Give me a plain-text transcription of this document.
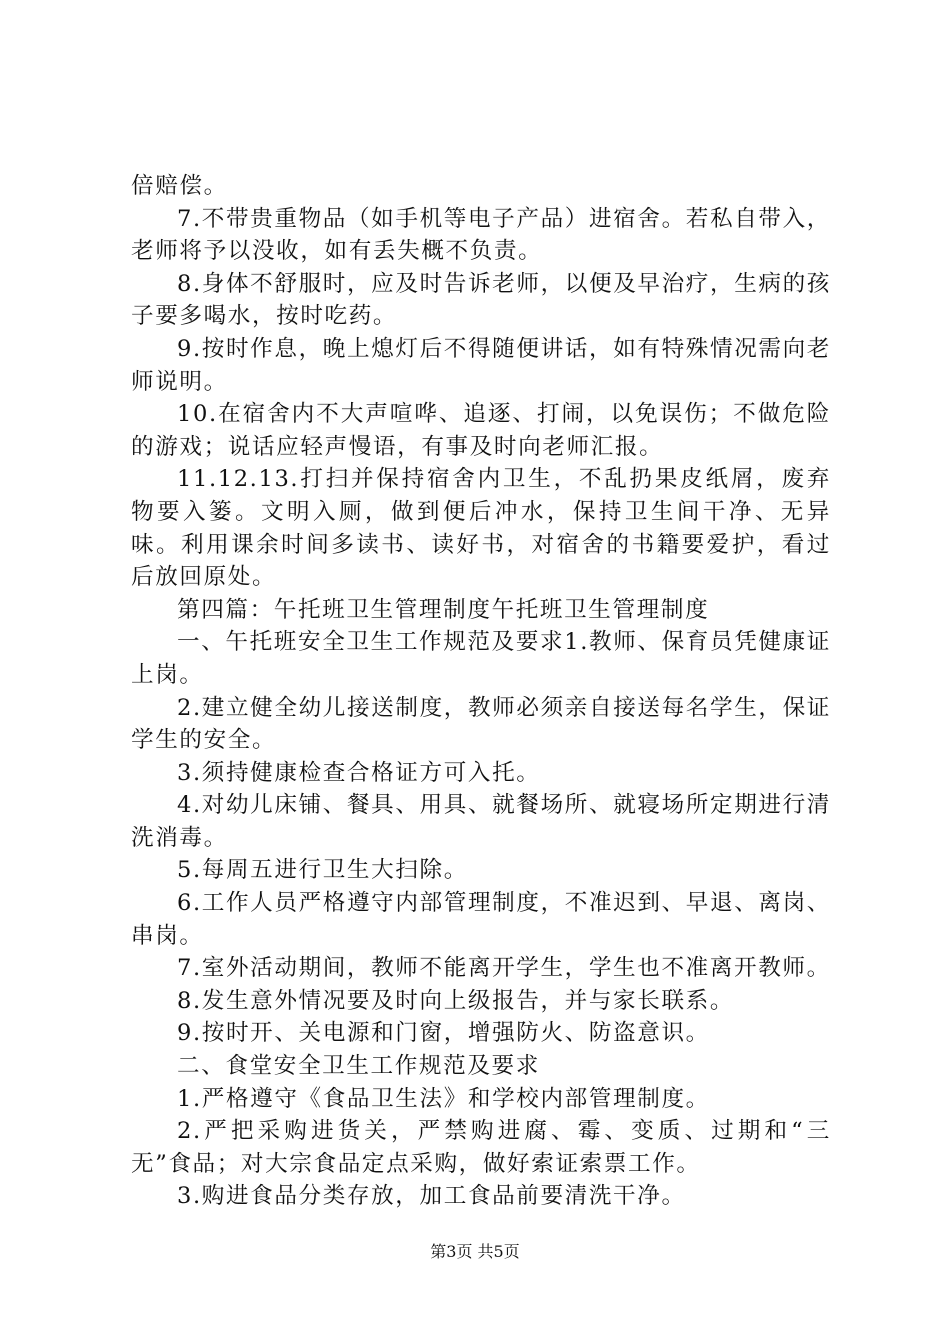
倍赔偿。

7.不带贵重物品（如手机等电子产品）进宿舍。若私自带入，老师将予以没收，如有丢失概不负责。

8.身体不舒服时，应及时告诉老师，以便及早治疗，生病的孩子要多喝水，按时吃药。

9.按时作息，晚上熄灯后不得随便讲话，如有特殊情况需向老师说明。

10.在宿舍内不大声喧哗、追逐、打闹，以免误伤；不做危险的游戏；说话应轻声慢语，有事及时向老师汇报。

11.12.13.打扫并保持宿舍内卫生，不乱扔果皮纸屑，废弃物要入篓。文明入厕，做到便后冲水，保持卫生间干净、无异味。利用课余时间多读书、读好书，对宿舍的书籍要爱护，看过后放回原处。

第四篇：午托班卫生管理制度午托班卫生管理制度

一、午托班安全卫生工作规范及要求1.教师、保育员凭健康证上岗。

2.建立健全幼儿接送制度，教师必须亲自接送每名学生，保证学生的安全。

3.须持健康检查合格证方可入托。

4.对幼儿床铺、餐具、用具、就餐场所、就寝场所定期进行清洗消毒。

5.每周五进行卫生大扫除。

6.工作人员严格遵守内部管理制度，不准迟到、早退、离岗、串岗。

7.室外活动期间，教师不能离开学生，学生也不准离开教师。

8.发生意外情况要及时向上级报告，并与家长联系。

9.按时开、关电源和门窗，增强防火、防盗意识。

二、食堂安全卫生工作规范及要求

1.严格遵守《食品卫生法》和学校内部管理制度。

2.严把采购进货关，严禁购进腐、霉、变质、过期和“三无”食品；对大宗食品定点采购，做好索证索票工作。

3.购进食品分类存放，加工食品前要清洗干净。

第3页 共5页
